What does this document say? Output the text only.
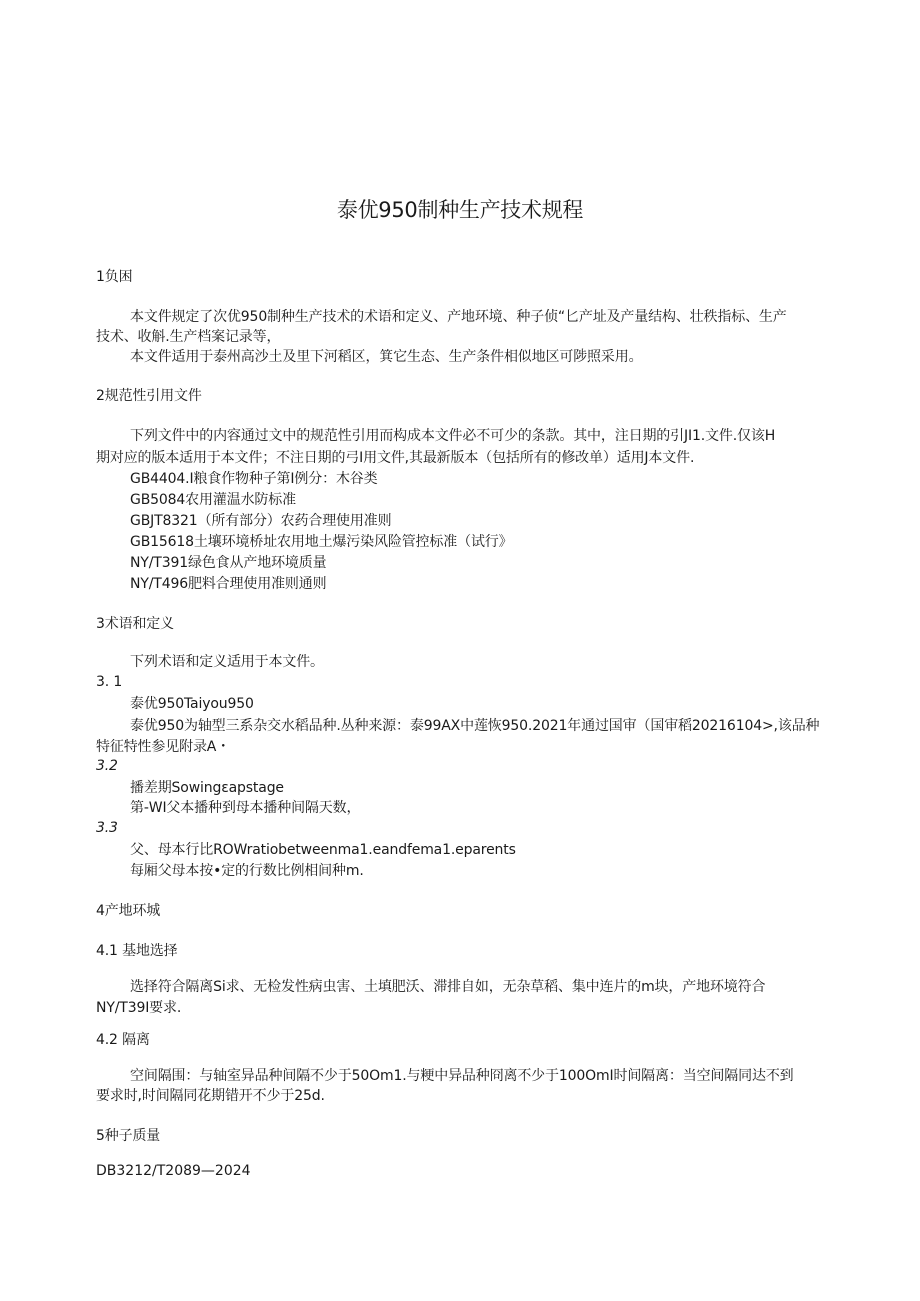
泰优950制种生产技术规程
1负困
本文件规定了次优950制种生产技术的术语和定义、产地环境、种子侦“匕产址及产量结构、壮秩指标、生产
技术、收斛.生产档案记录等，
本文件适用于泰州高沙土及里下河稻区，箕它生态、生产条件相似地区可陟照采用。
2规范性引用文件
下列文件中的内容通过文中的规范性引用而构成本文件必不可少的条款。其中，注日期的引JI1.文件.仅该H
期对应的版本适用于本文件；不注日期的弓I用文件,其最新版本（包括所有的修改单）适用J本文件.
GB4404.I粮食作物种子第I例分：木谷类
GB5084农用灌温水防标准
GBJT8321（所有部分）农药合理使用准则
GB15618土壤环境桥址农用地土爆污染风险管控标准（试行》
NY/T391绿色食从产地环境质量
NY/T496肥料合理使用准则通则
3术语和定义
下列术语和定义适用于本文件。
3. 1
泰优950Taiyou950
泰优950为轴型三系杂交水稻品种.丛种来源：泰99AX中莲恢950.2021年通过国审（国审稻20216104>,该品种
特征特性参见附录A・
3.2
播差期Sowingɛapstage
第-WI父本播种到母本播种间隔天数，
3.3
父、母本行比ROWratiobetweenma1.eandfema1.eparents
每厢父母本按•定的行数比例相间种m.
4产地环城
4.1 基地选择
选择符合隔离Si求、无检发性病虫害、土填肥沃、滞排自如，无杂草稻、集中连片的m块，产地环境符合
NY/T39I要求.
4.2 隔离
空间隔围：与轴室异品种间隔不少于50Om1.与粳中异品种冏离不少于100OmI时间隔离：当空间隔同达不到
要求时,时间隔同花期错开不少于25d.
5种子质量
DB3212∕T2089—2024
